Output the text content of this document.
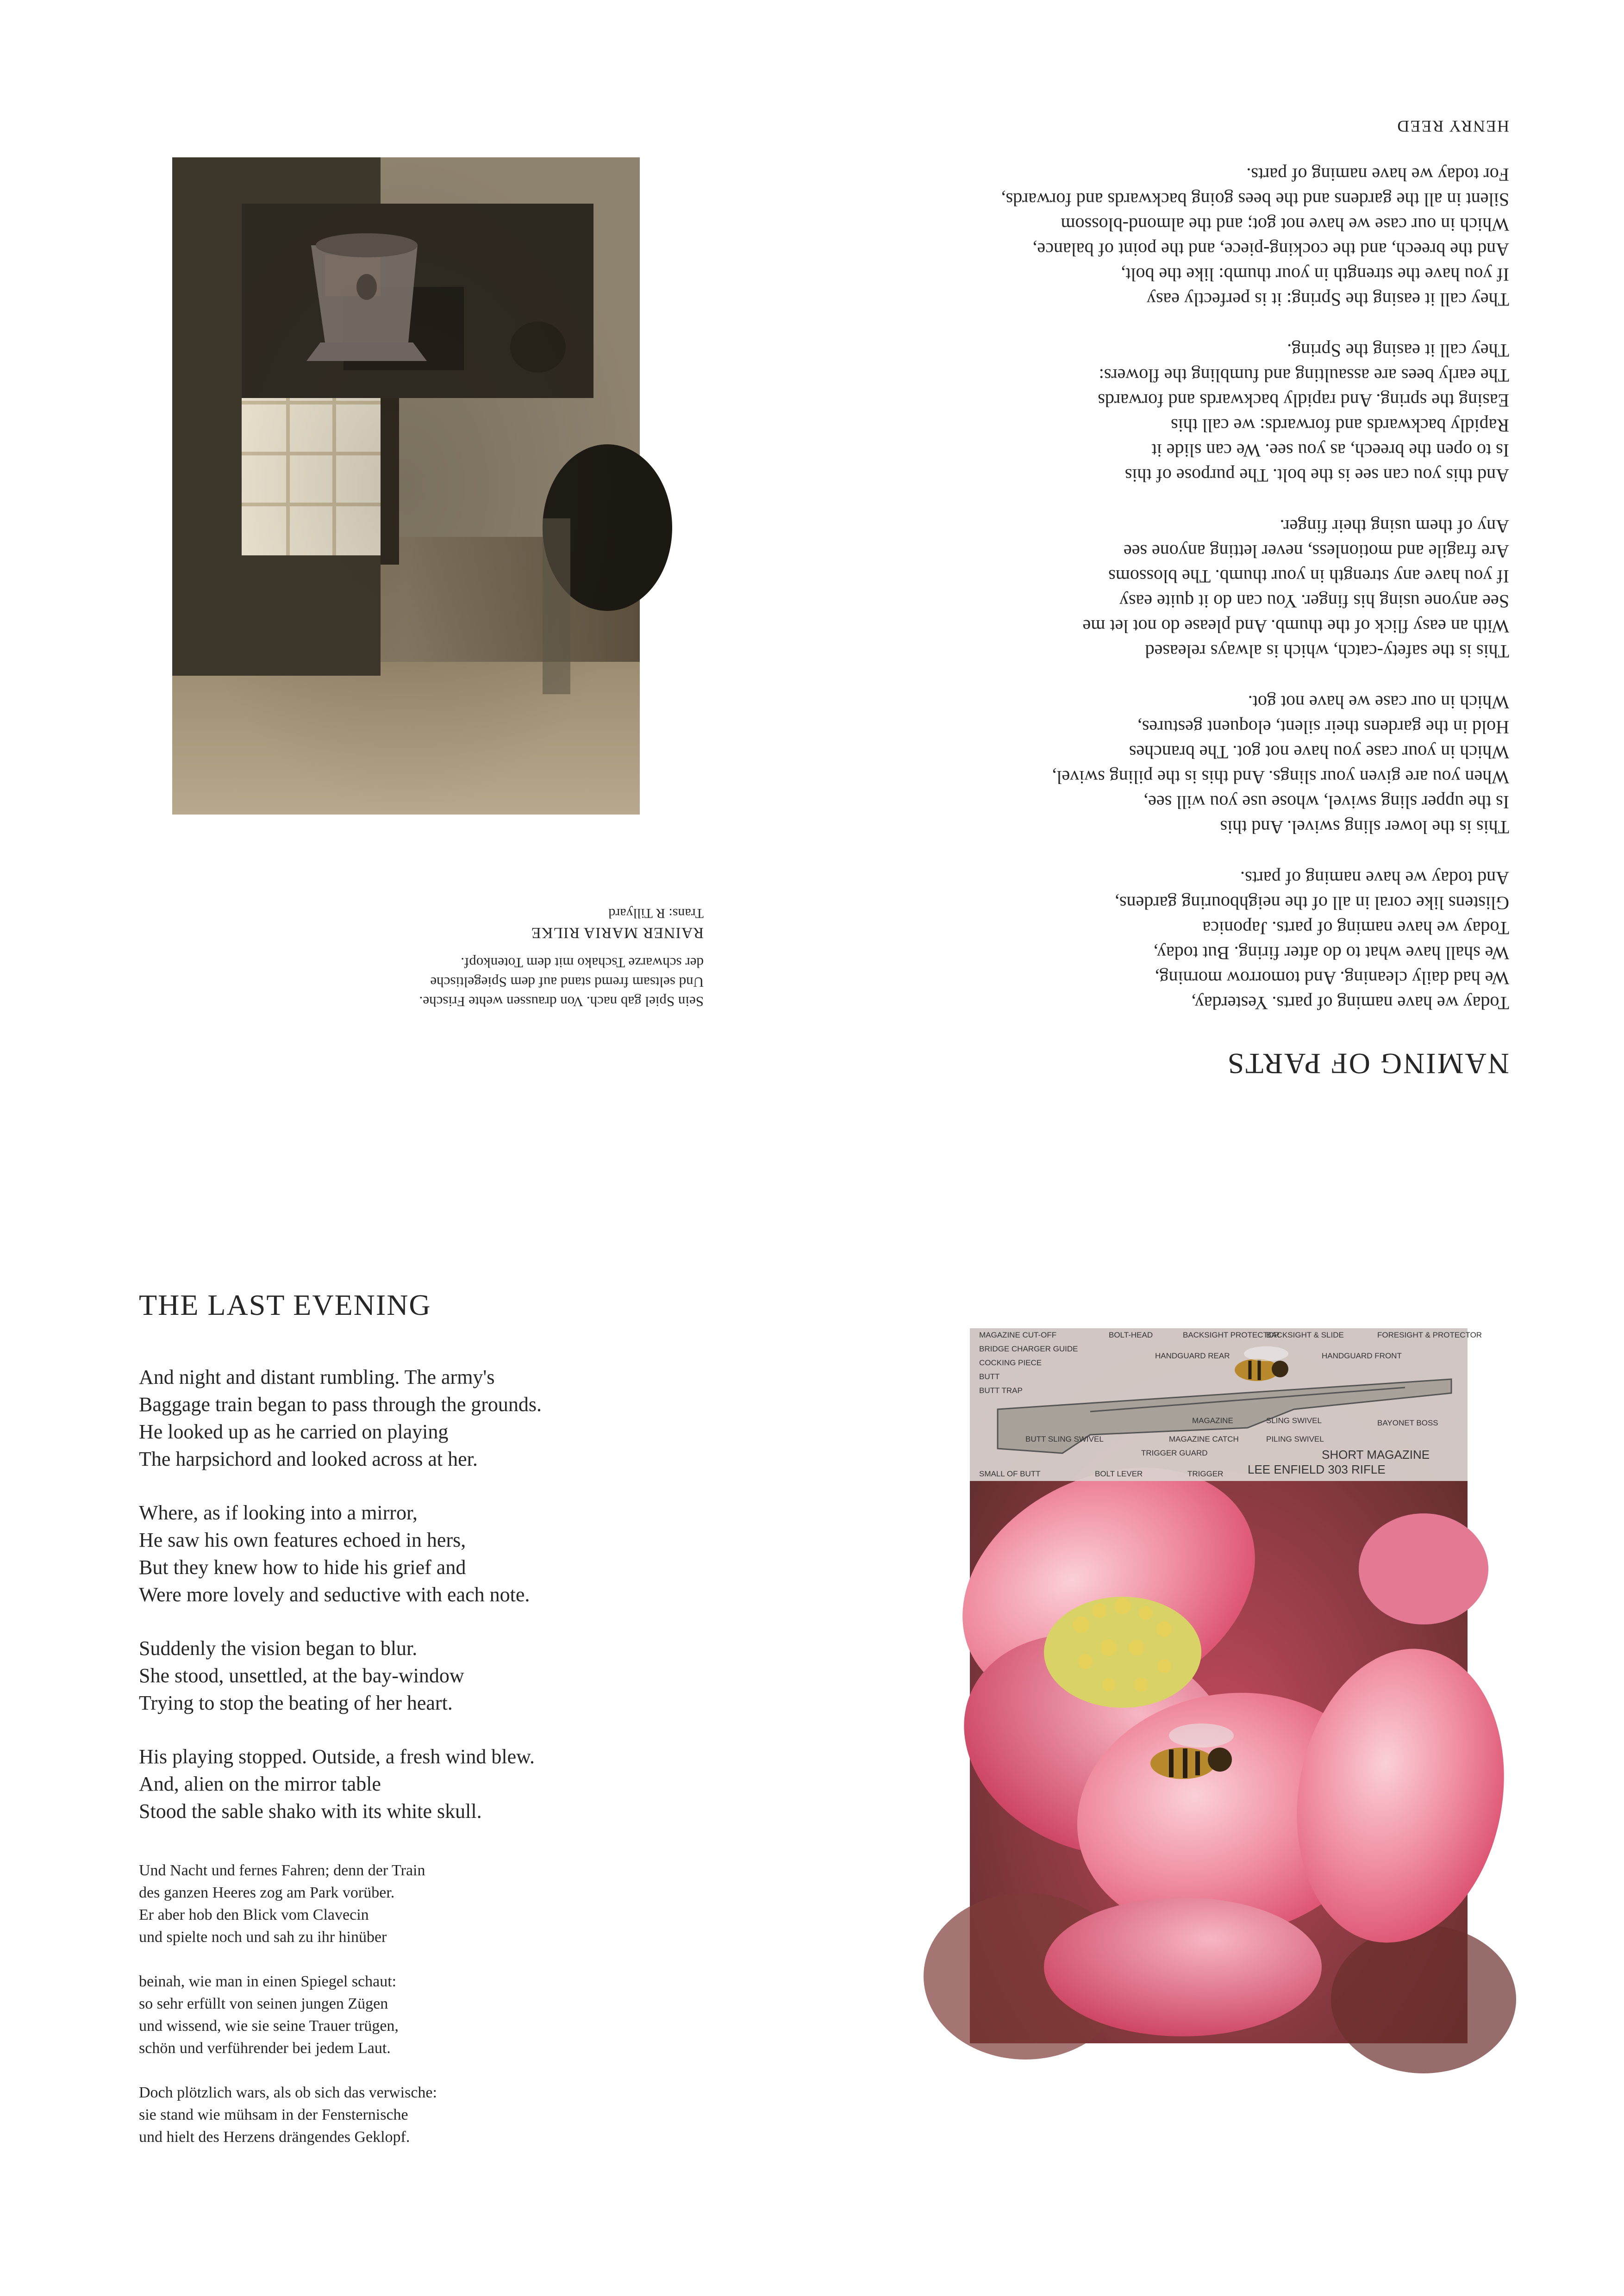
NAMING OF PARTS
Today we have naming of parts. Yesterday,
We had daily cleaning. And tomorrow morning,
We shall have what to do after firing. But today,
Today we have naming of parts. Japonica
Glistens like coral in all of the neighbouring gardens,
And today we have naming of parts.
This is the lower sling swivel. And this
Is the upper sling swivel, whose use you will see,
When you are given your slings. And this is the piling swivel,
Which in your case you have not got. The branches
Hold in the gardens their silent, eloquent gestures,
Which in our case we have not got.
This is the safety-catch, which is always released
With an easy flick of the thumb. And please do not let me
See anyone using his finger. You can do it quite easy
If you have any strength in your thumb. The blossoms
Are fragile and motionless, never letting anyone see
Any of them using their finger.
And this you can see is the bolt. The purpose of this
Is to open the breech, as you see. We can slide it
Rapidly backwards and forwards: we call this
Easing the spring. And rapidly backwards and forwards
The early bees are assaulting and fumbling the flowers:
They call it easing the Spring.
They call it easing the Spring: it is perfectly easy
If you have the strength in your thumb: like the bolt,
And the breech, and the cocking-piece, and the point of balance,
Which in our case we have not got; and the almond-blossom
Silent in all the gardens and the bees going backwards and forwards,
For today we have naming of parts.
HENRY REED
Sein Spiel gab nach. Von draussen wehte Frische.
Und seltsam fremd stand auf dem Spiegeltische
der schwarze Tschako mit dem Totenkopf.
RAINER MARIA RILKE
Trans: R Tillyard
THE LAST EVENING
And night and distant rumbling. The army's
Baggage train began to pass through the grounds.
He looked up as he carried on playing
The harpsichord and looked across at her.
Where, as if looking into a mirror,
He saw his own features echoed in hers,
But they knew how to hide his grief and
Were more lovely and seductive with each note.
Suddenly the vision began to blur.
She stood, unsettled, at the bay-window
Trying to stop the beating of her heart.
His playing stopped. Outside, a fresh wind blew.
And, alien on the mirror table
Stood the sable shako with its white skull.
Und Nacht und fernes Fahren; denn der Train
des ganzen Heeres zog am Park vorüber.
Er aber hob den Blick vom Clavecin
und spielte noch und sah zu ihr hinüber
beinah, wie man in einen Spiegel schaut:
so sehr erfüllt von seinen jungen Zügen
und wissend, wie sie seine Trauer trügen,
schön und verführender bei jedem Laut.
Doch plötzlich wars, als ob sich das verwische:
sie stand wie mühsam in der Fensternische
und hielt des Herzens drängendes Geklopf.
MAGAZINE CUT-OFF	BOLT-HEAD	BACKSIGHT PROTECTOR
BACKSIGHT & SLIDE	FORESIGHT & PROTECTOR
BRIDGE CHARGER GUIDE
HANDGUARD REAR	HANDGUARD FRONT
COCKING PIECE
BUTT
BUTT TRAP
MAGAZINE	SLING SWIVEL	BAYONET BOSS
MAGAZINE CATCH	PILING SWIVEL
BUTT SLING SWIVEL
TRIGGER GUARD
SMALL OF BUTT	BOLT LEVER	TRIGGER
SHORT MAGAZINE
LEE ENFIELD 303 RIFLE
